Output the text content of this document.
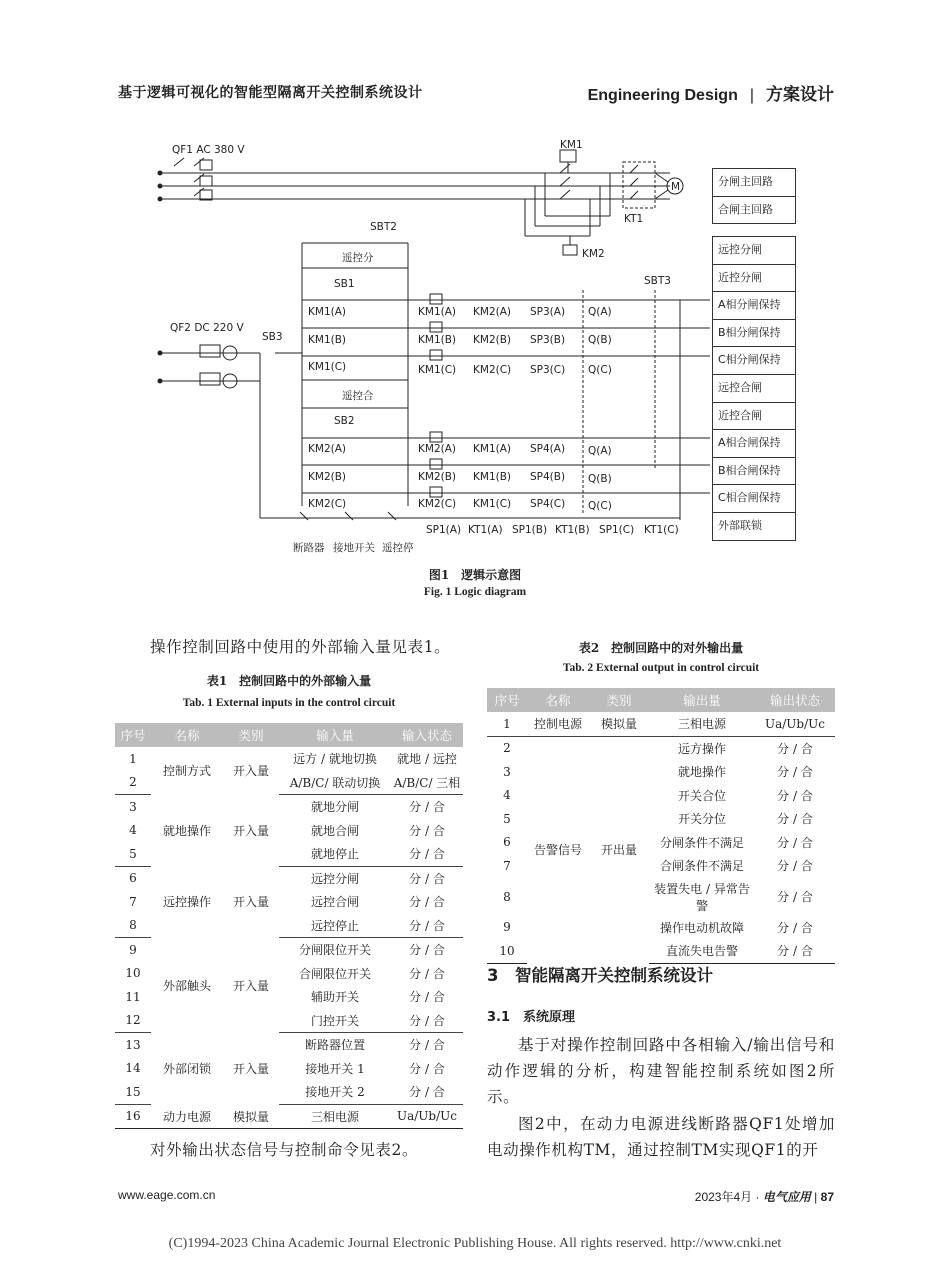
基于逻辑可视化的智能型隔离开关控制系统设计	Engineering Design | 方案设计
QF1 AC 380 V	KM1
KT1
KM2
M
SBT2
SBT3
遥控分
SB1
遥控合
SB2
SB3
QF2 DC 220 V
KM1(A)
KM1(B)
KM1(C)
KM1(A)
KM1(B)
KM1(C)
KM2(A)
KM2(B)
KM2(C)
SP3(A)
SP3(B)
SP3(C)
Q(A)
Q(B)
Q(C)
KM2(A)
KM2(B)
KM2(C)
KM2(A)
KM2(B)
KM2(C)
KM1(A)
KM1(B)
KM1(C)
SP4(A)
SP4(B)
SP4(C)
Q(A)
Q(B)
Q(C)
SP1(A) KT1(A) SP1(B) KT1(B) SP1(C) KT1(C)
断路器 接地开关 遥控停
分闸主回路
合闸主回路
远控分闸
近控分闸
A相分闸保持
B相分闸保持
C相分闸保持
远控合闸
近控合闸
A相合闸保持
B相合闸保持
C相合闸保持
外部联锁
图1　逻辑示意图
Fig. 1 Logic diagram
操作控制回路中使用的外部输入量见表1。
表1　控制回路中的外部输入量
Tab. 1 External inputs in the control circuit
序号	名称	类别	输入量	输入状态
1	控制方式	开入量	远方 / 就地切换	就地 / 远控
2			A/B/C/ 联动切换	A/B/C/ 三相
3	就地操作	开入量	就地分闸	分 / 合
4			就地合闸	分 / 合
5			就地停止	分 / 合
6	远控操作	开入量	远控分闸	分 / 合
7			远控合闸	分 / 合
8			远控停止	分 / 合
9	外部触头	开入量	分闸限位开关	分 / 合
10			合闸限位开关	分 / 合
11			辅助开关	分 / 合
12			门控开关	分 / 合
13	外部闭锁	开入量	断路器位置	分 / 合
14			接地开关 1	分 / 合
15			接地开关 2	分 / 合
16	动力电源	模拟量	三相电源	Ua/Ub/Uc
对外输出状态信号与控制命令见表2。
表2　控制回路中的对外输出量
Tab. 2 External output in control circuit
序号	名称	类别	输出量	输出状态
1	控制电源	模拟量	三相电源	Ua/Ub/Uc
2	告警信号	开出量	远方操作	分 / 合
3			就地操作	分 / 合
4			开关合位	分 / 合
5			开关分位	分 / 合
6			分闸条件不满足	分 / 合
7			合闸条件不满足	分 / 合
8			装置失电 / 异常告警	分 / 合
9			操作电动机故障	分 / 合
10			直流失电告警	分 / 合
3　智能隔离开关控制系统设计
3.1　系统原理
基于对操作控制回路中各相输入/输出信号和动作逻辑的分析，构建智能控制系统如图2所示。
图2中，在动力电源进线断路器QF1处增加电动操作机构TM，通过控制TM实现QF1的开
www.eage.com.cn	2023年4月 · 电气应用 | 87
(C)1994-2023 China Academic Journal Electronic Publishing House. All rights reserved. http://www.cnki.net
